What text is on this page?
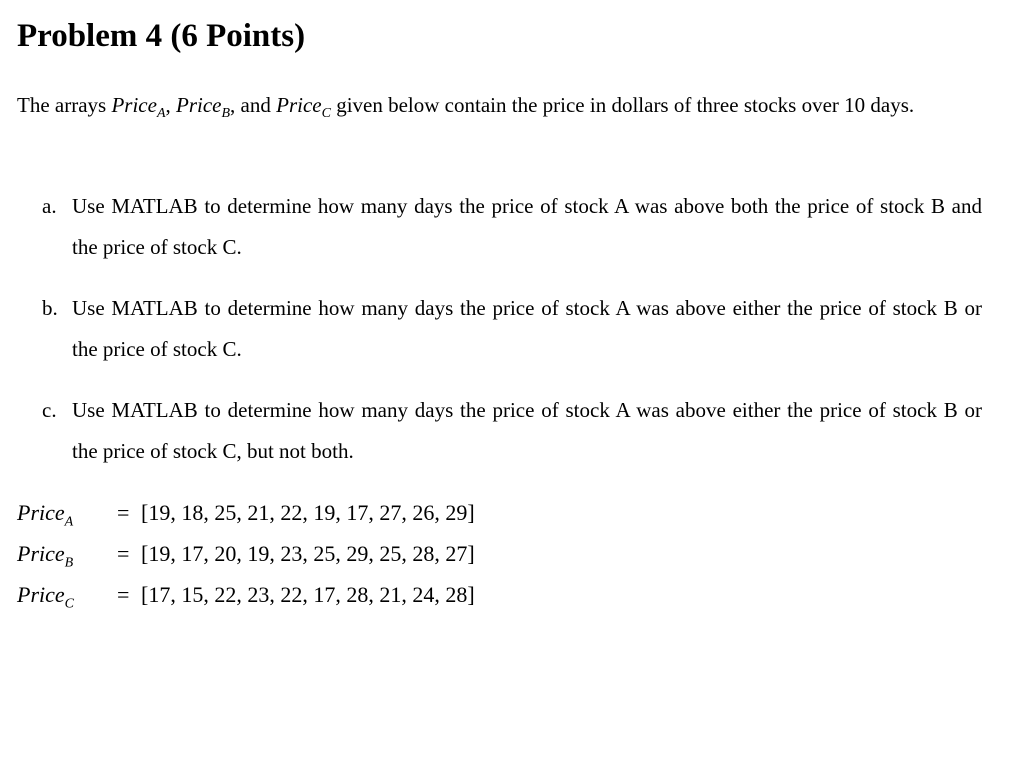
Problem 4 (6 Points)

The arrays Price$_A$, Price$_B$, and Price$_C$ given below contain the price in dollars of three stocks over 10 days.

a. Use MATLAB to determine how many days the price of stock A was above both the price of stock B and the price of stock C.
b. Use MATLAB to determine how many days the price of stock A was above either the price of stock B or the price of stock C.
c. Use MATLAB to determine how many days the price of stock A was above either the price of stock B or the price of stock C, but not both.
Price$_A$ = [19, 18, 25, 21, 22, 19, 17, 27, 26, 29]
Price$_B$ = [19, 17, 20, 19, 23, 25, 29, 25, 28, 27]
Price$_C$ = [17, 15, 22, 23, 22, 17, 28, 21, 24, 28]
